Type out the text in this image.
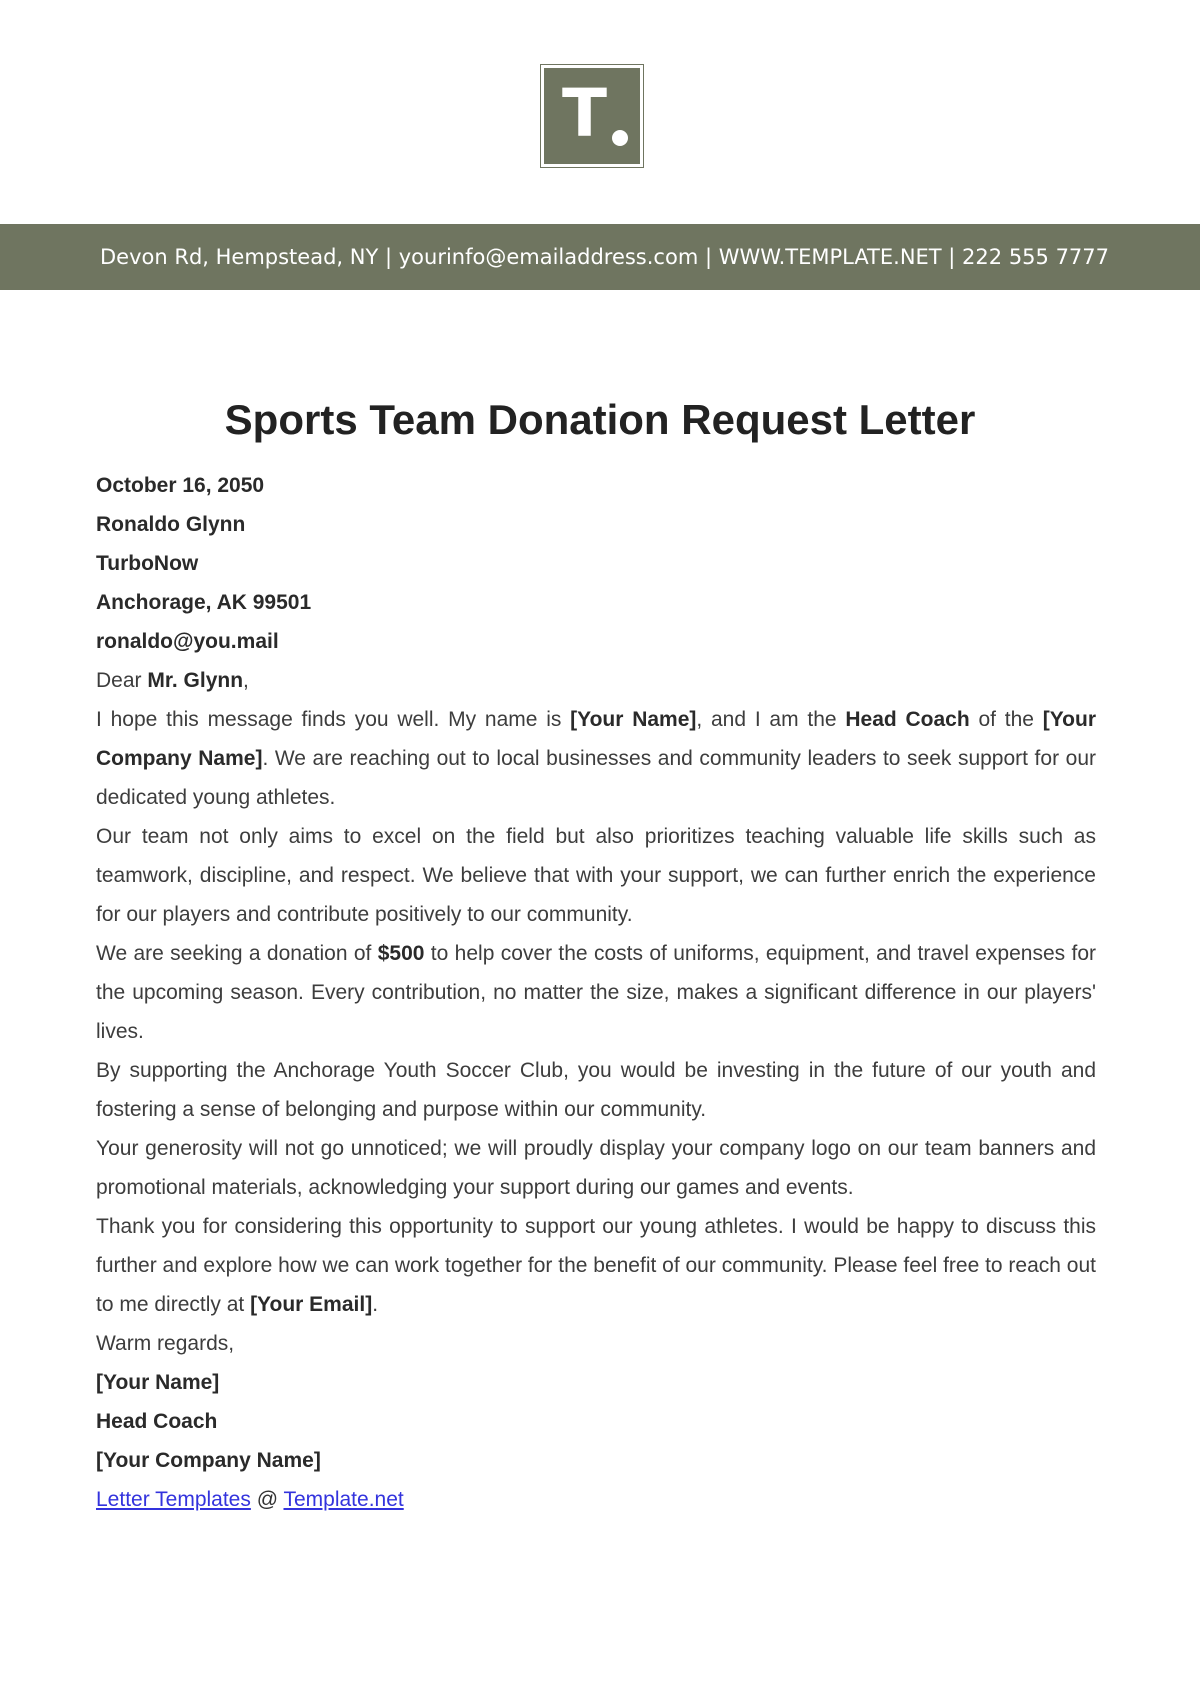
T
Devon Rd, Hempstead, NY | yourinfo@emailaddress.com | WWW.TEMPLATE.NET | 222 555 7777
Sports Team Donation Request Letter

October 16, 2050

Ronaldo Glynn

TurboNow

Anchorage, AK 99501

ronaldo@you.mail

Dear Mr. Glynn,

I hope this message finds you well. My name is [Your Name], and I am the Head Coach of the [Your Company Name]. We are reaching out to local businesses and community leaders to seek support for our dedicated young athletes.

Our team not only aims to excel on the field but also prioritizes teaching valuable life skills such as teamwork, discipline, and respect. We believe that with your support, we can further enrich the experience for our players and contribute positively to our community.

We are seeking a donation of $500 to help cover the costs of uniforms, equipment, and travel expenses for the upcoming season. Every contribution, no matter the size, makes a significant difference in our players' lives.

By supporting the Anchorage Youth Soccer Club, you would be investing in the future of our youth and fostering a sense of belonging and purpose within our community.

Your generosity will not go unnoticed; we will proudly display your company logo on our team banners and promotional materials, acknowledging your support during our games and events.

Thank you for considering this opportunity to support our young athletes. I would be happy to discuss this further and explore how we can work together for the benefit of our community. Please feel free to reach out to me directly at [Your Email].

Warm regards,

[Your Name]

Head Coach

[Your Company Name]

Letter Templates @ Template.net
